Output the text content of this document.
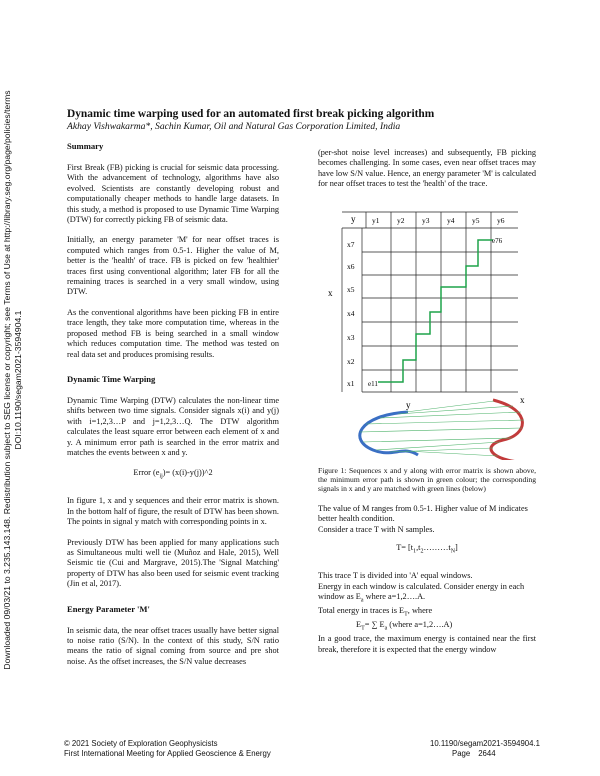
Downloaded 09/03/21 to 3.235.143.148. Redistribution subject to SEG license or copyright; see Terms of Use at http://library.seg.org/page/policies/terms DOI:10.1190/segam2021-3594904.1

Dynamic time warping used for an automated first break picking algorithm

Akhay Vishwakarma*, Sachin Kumar, Oil and Natural Gas Corporation Limited, India

Summary

First Break (FB) picking is crucial for seismic data processing. With the advancement of technology, algorithms have also evolved. Scientists are constantly developing robust and computationally cheaper methods to handle large datasets. In this study, a method is proposed to use Dynamic Time Warping (DTW) for correctly picking FB of seismic data.

Initially, an energy parameter 'M' for near offset traces is computed which ranges from 0.5-1. Higher the value of M, better is the 'health' of trace. FB is picked on few 'healthier' traces first using conventional algorithm; later FB for all the remaining traces is searched in a very small window, using DTW.

As the conventional algorithms have been picking FB in entire trace length, they take more computation time, whereas in the proposed method FB is being searched in a small window which reduces computation time. The method was tested on real data set and produces promising results.

Dynamic Time Warping

Dynamic Time Warping (DTW) calculates the non-linear time shifts between two time signals. Consider signals x(i) and y(j) with i=1,2,3…P and j=1,2,3…Q. The DTW algorithm calculates the least square error between each element of x and y. A minimum error path is searched in the error matrix and matches the events between x and y.

Error $(e_{ij})=$ (x(i)-y(j))^2

In figure 1, x and y sequences and their error matrix is shown. In the bottom half of figure, the result of DTW has been shown. The points in signal y match with corresponding points in x.

Previously DTW has been applied for many applications such as Simultaneous multi well tie (Muñoz and Hale, 2015), Well Seismic tie (Cui and Margrave, 2015).The 'Signal Matching' property of DTW has also been used for seismic event tracking (Jin et al, 2017).

Energy Parameter 'M'

In seismic data, the near offset traces usually have better signal to noise ratio (S/N). In the context of this study, S/N ratio means the ratio of signal coming from source and pre shot noise. As the offset increases, the S/N value decreases

(per-shot noise level increases) and subsequently, FB picking becomes challenging. In some cases, even near offset traces may have low S/N value. Hence, an energy parameter 'M' is calculated for near offset traces to test the 'health' of the trace.

y y1 y2 y3 y4 y5 y6
x7
x6
x5
x4
x3
x2
x1
x
e11
e76
y	x

Figure 1: Sequences x and y along with error matrix is shown above, the minimum error path is shown in green colour; the corresponding signals in x and y are matched with green lines (below)

The value of M ranges from 0.5-1. Higher value of M indicates better health condition.

Consider a trace T with N samples.

$T= [t_1,t_2\dots\dots\dots t_N]$

This trace T is divided into 'A' equal windows.

Energy in each window is calculated. Consider energy in each window as $E_a$ where a=1,2….A.

Total energy in traces is $E_T$, where

$E_T=$ ∑ $E_a$ (where a=1,2….A)

In a good trace, the maximum energy is contained near the first break, therefore it is expected that the energy window

© 2021 Society of Exploration Geophysicists
First International Meeting for Applied Geoscience & Energy
10.1190/segam2021-3594904.1
Page 2644
